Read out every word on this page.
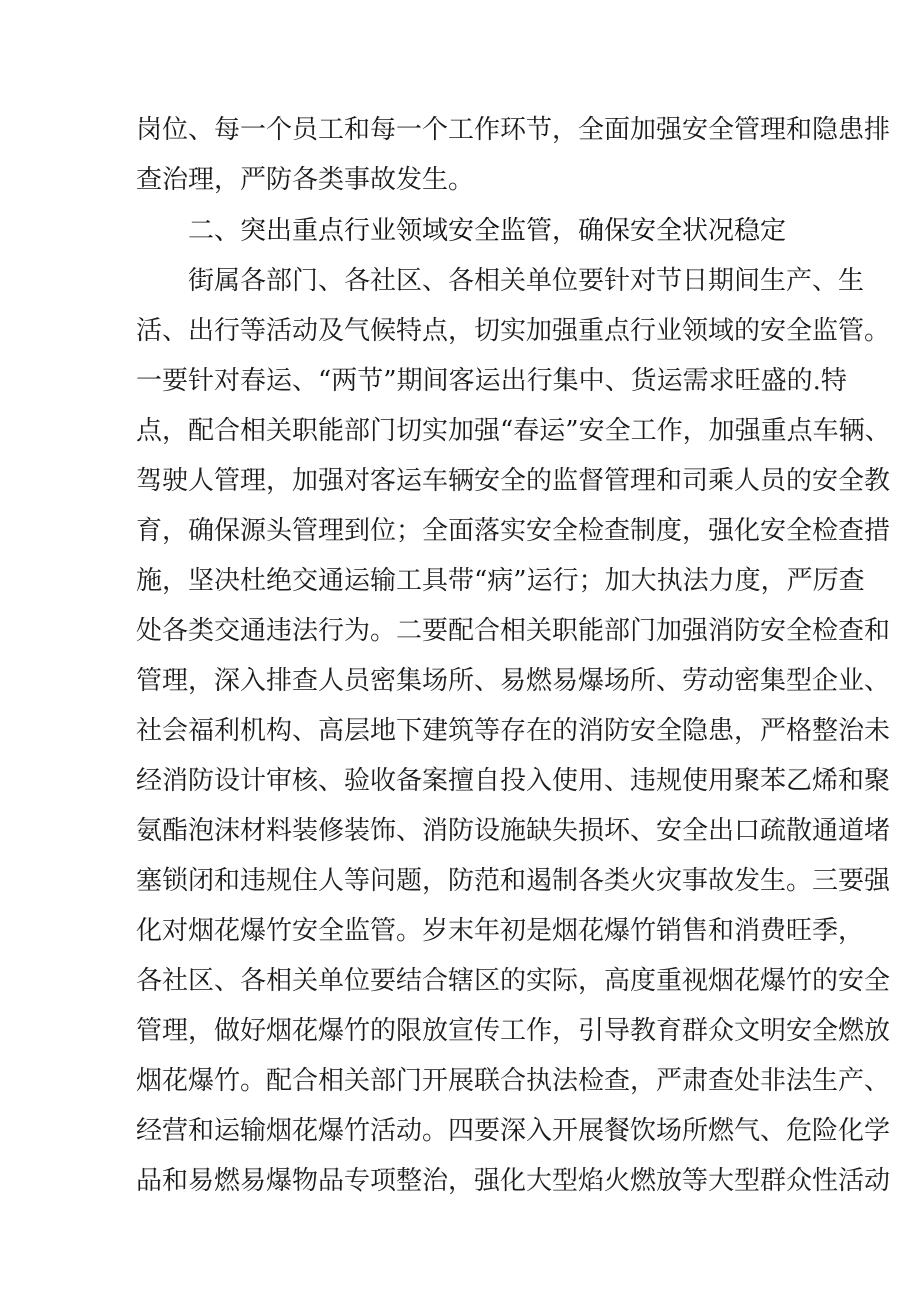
岗位、每一个员工和每一个工作环节，全面加强安全管理和隐患排
查治理，严防各类事故发生。
二、突出重点行业领域安全监管，确保安全状况稳定
街属各部门、各社区、各相关单位要针对节日期间生产、生
活、出行等活动及气候特点，切实加强重点行业领域的安全监管。
一要针对春运、“两节”期间客运出行集中、货运需求旺盛的.特
点，配合相关职能部门切实加强“春运”安全工作，加强重点车辆、
驾驶人管理，加强对客运车辆安全的监督管理和司乘人员的安全教
育，确保源头管理到位；全面落实安全检查制度，强化安全检查措
施，坚决杜绝交通运输工具带“病”运行；加大执法力度，严厉查
处各类交通违法行为。二要配合相关职能部门加强消防安全检查和
管理，深入排查人员密集场所、易燃易爆场所、劳动密集型企业、
社会福利机构、高层地下建筑等存在的消防安全隐患，严格整治未
经消防设计审核、验收备案擅自投入使用、违规使用聚苯乙烯和聚
氨酯泡沫材料装修装饰、消防设施缺失损坏、安全出口疏散通道堵
塞锁闭和违规住人等问题，防范和遏制各类火灾事故发生。三要强
化对烟花爆竹安全监管。岁末年初是烟花爆竹销售和消费旺季，
各社区、各相关单位要结合辖区的实际，高度重视烟花爆竹的安全
管理，做好烟花爆竹的限放宣传工作，引导教育群众文明安全燃放
烟花爆竹。配合相关部门开展联合执法检查，严肃查处非法生产、
经营和运输烟花爆竹活动。四要深入开展餐饮场所燃气、危险化学
品和易燃易爆物品专项整治，强化大型焰火燃放等大型群众性活动
